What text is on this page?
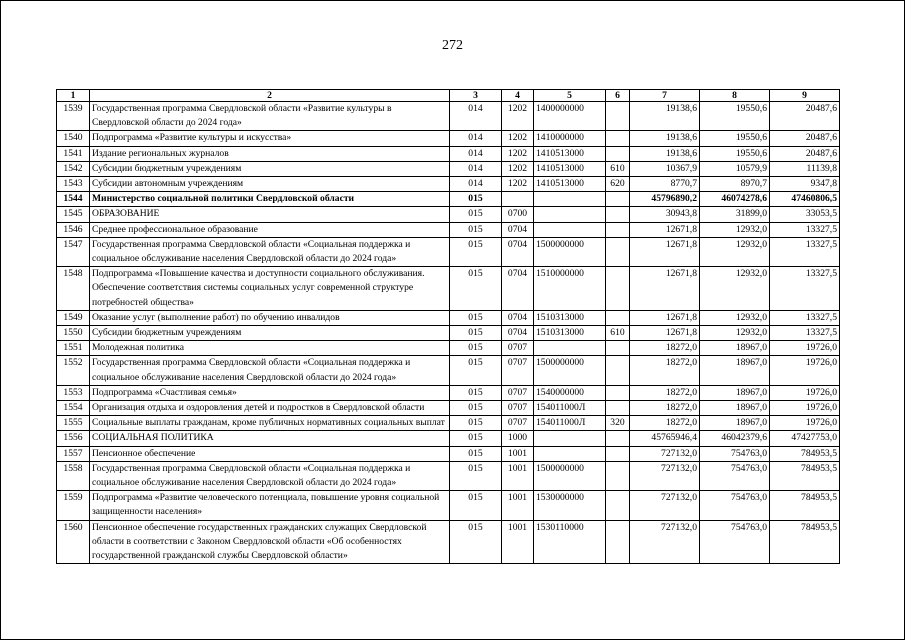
272
1	2	3	4	5	6	7	8	9
1539	Государственная программа Свердловской области «Развитие культуры в Свердловской области до 2024 года»	014	1202	1400000000		19138,6	19550,6	20487,6
1540	Подпрограмма «Развитие культуры и искусства»	014	1202	1410000000		19138,6	19550,6	20487,6
1541	Издание региональных журналов	014	1202	1410513000		19138,6	19550,6	20487,6
1542	Субсидии бюджетным учреждениям	014	1202	1410513000	610	10367,9	10579,9	11139,8
1543	Субсидии автономным учреждениям	014	1202	1410513000	620	8770,7	8970,7	9347,8
1544	Министерство социальной политики Свердловской области	015				45796890,2	46074278,6	47460806,5
1545	ОБРАЗОВАНИЕ	015	0700			30943,8	31899,0	33053,5
1546	Среднее профессиональное образование	015	0704			12671,8	12932,0	13327,5
1547	Государственная программа Свердловской области «Социальная поддержка и социальное обслуживание населения Свердловской области до 2024 года»	015	0704	1500000000		12671,8	12932,0	13327,5
1548	Подпрограмма «Повышение качества и доступности социального обслуживания. Обеспечение соответствия системы социальных услуг современной структуре потребностей общества»	015	0704	1510000000		12671,8	12932,0	13327,5
1549	Оказание услуг (выполнение работ) по обучению инвалидов	015	0704	1510313000		12671,8	12932,0	13327,5
1550	Субсидии бюджетным учреждениям	015	0704	1510313000	610	12671,8	12932,0	13327,5
1551	Молодежная политика	015	0707			18272,0	18967,0	19726,0
1552	Государственная программа Свердловской области «Социальная поддержка и социальное обслуживание населения Свердловской области до 2024 года»	015	0707	1500000000		18272,0	18967,0	19726,0
1553	Подпрограмма «Счастливая семья»	015	0707	1540000000		18272,0	18967,0	19726,0
1554	Организация отдыха и оздоровления детей и подростков в Свердловской области	015	0707	154011000Л		18272,0	18967,0	19726,0
1555	Социальные выплаты гражданам, кроме публичных нормативных социальных выплат	015	0707	154011000Л	320	18272,0	18967,0	19726,0
1556	СОЦИАЛЬНАЯ ПОЛИТИКА	015	1000			45765946,4	46042379,6	47427753,0
1557	Пенсионное обеспечение	015	1001			727132,0	754763,0	784953,5
1558	Государственная программа Свердловской области «Социальная поддержка и социальное обслуживание населения Свердловской области до 2024 года»	015	1001	1500000000		727132,0	754763,0	784953,5
1559	Подпрограмма «Развитие человеческого потенциала, повышение уровня социальной защищенности населения»	015	1001	1530000000		727132,0	754763,0	784953,5
1560	Пенсионное обеспечение государственных гражданских служащих Свердловской области в соответствии с Законом Свердловской области «Об особенностях государственной гражданской службы Свердловской области»	015	1001	1530110000		727132,0	754763,0	784953,5
